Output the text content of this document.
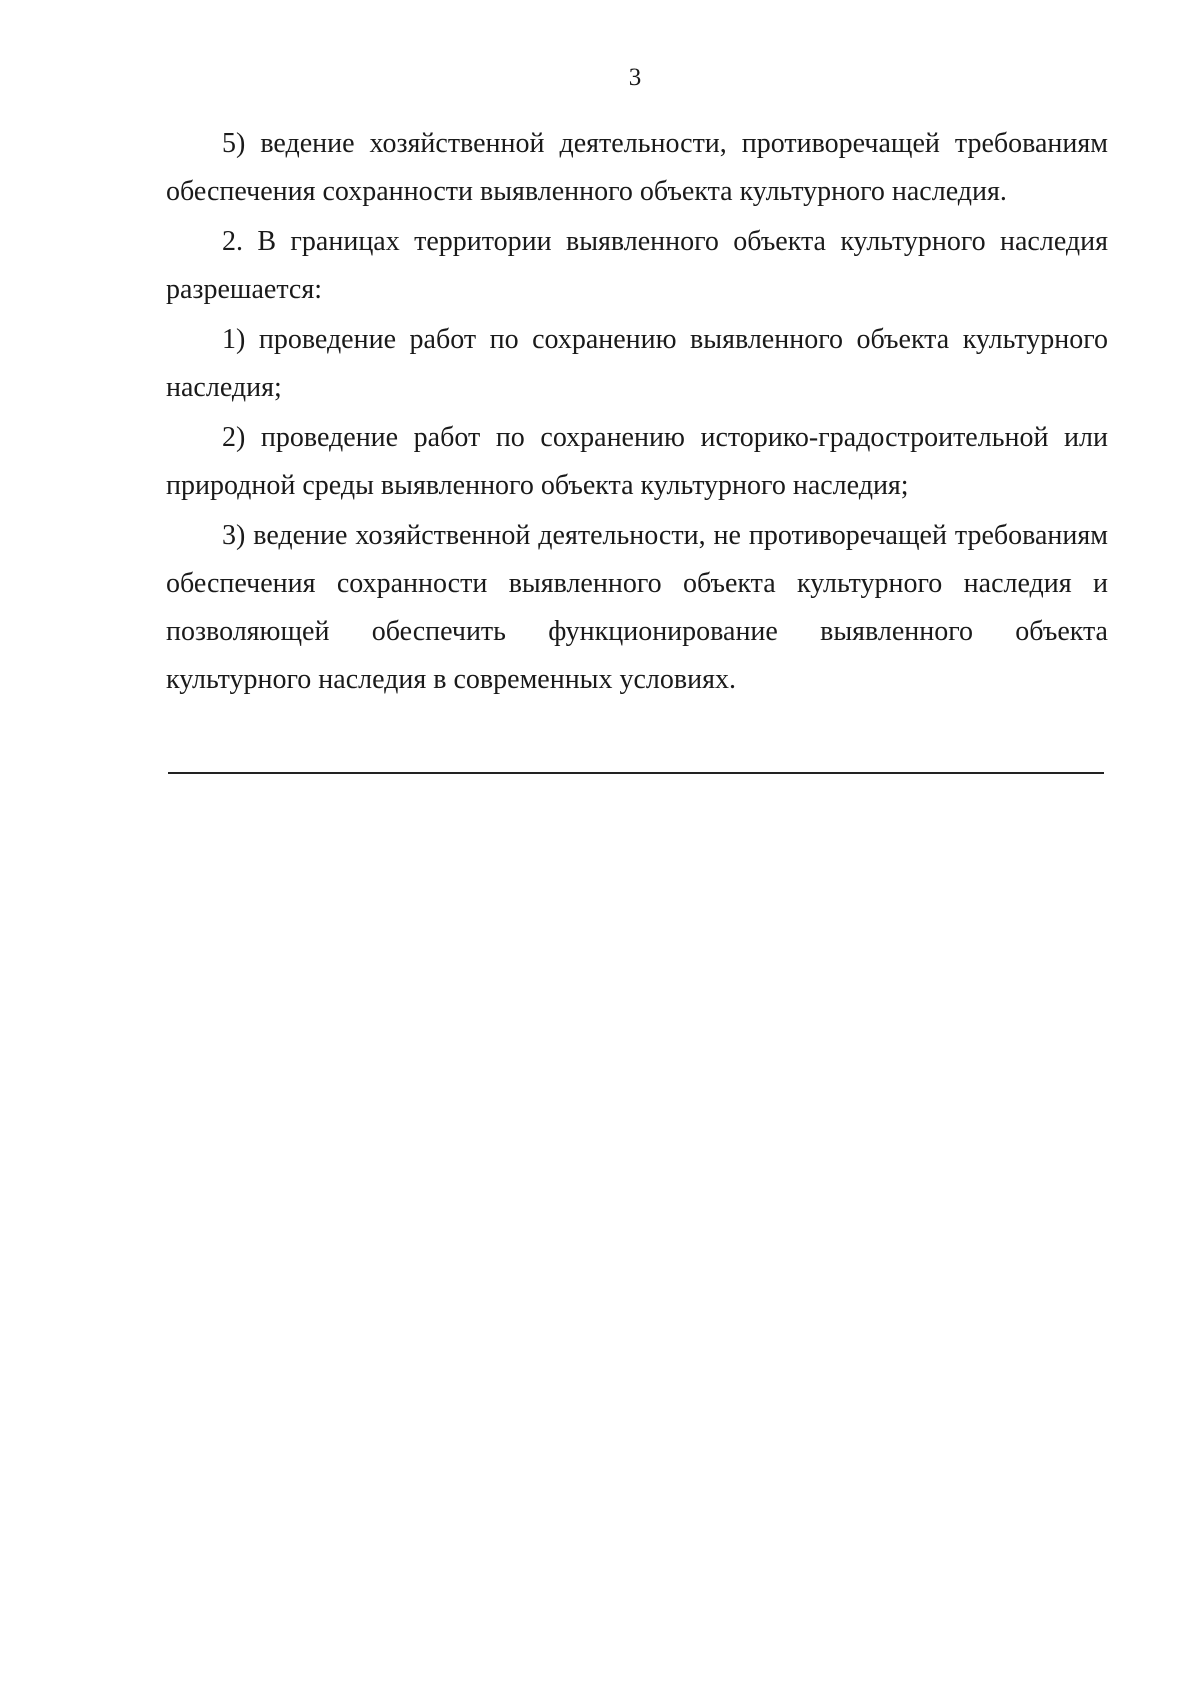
3

5) ведение хозяйственной деятельности, противоречащей требованиям обеспечения сохранности выявленного объекта культурного наследия.

2. В границах территории выявленного объекта культурного наследия разрешается:

1) проведение работ по сохранению выявленного объекта культурного наследия;

2) проведение работ по сохранению историко-градостроительной или природной среды выявленного объекта культурного наследия;

3) ведение хозяйственной деятельности, не противоречащей требованиям обеспечения сохранности выявленного объекта культурного наследия и позволяющей обеспечить функционирование выявленного объекта культурного наследия в современных условиях.
